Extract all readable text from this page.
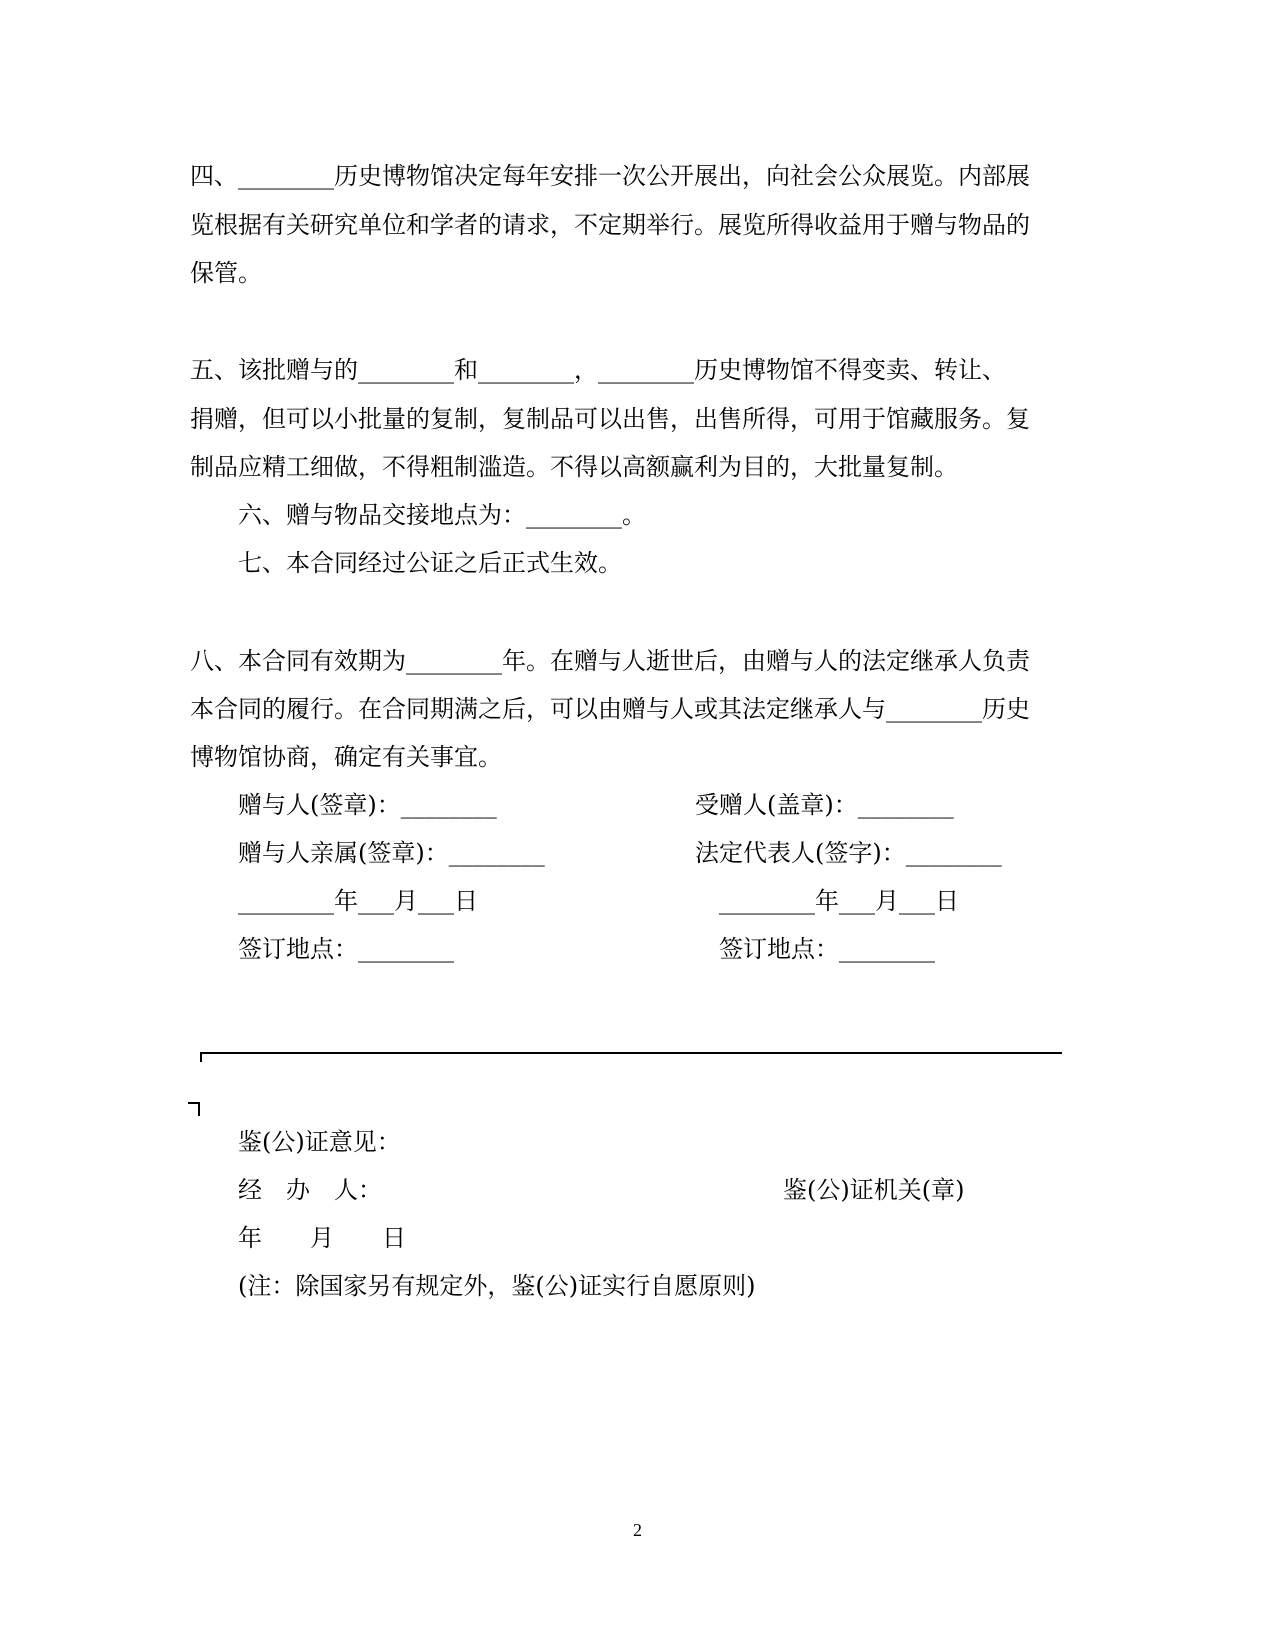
四、________历史博物馆决定每年安排一次公开展出，向社会公众展览。内部展
览根据有关研究单位和学者的请求，不定期举行。展览所得收益用于赠与物品的
保管。
五、该批赠与的________和________，________历史博物馆不得变卖、转让、
捐赠，但可以小批量的复制，复制品可以出售，出售所得，可用于馆藏服务。复
制品应精工细做，不得粗制滥造。不得以高额赢利为目的，大批量复制。
六、赠与物品交接地点为：________。
七、本合同经过公证之后正式生效。
八、本合同有效期为________年。在赠与人逝世后，由赠与人的法定继承人负责
本合同的履行。在合同期满之后，可以由赠与人或其法定继承人与________历史
博物馆协商，确定有关事宜。
赠与人(签章)：________
赠与人亲属(签章)：________
________年___月___日
签订地点：________
受赠人(盖章)：________
法定代表人(签字)：________
________年___月___日
签订地点：________
鉴(公)证意见：
经　办　人：	鉴(公)证机关(章)
年　　月　　日
(注：除国家另有规定外，鉴(公)证实行自愿原则)
2
